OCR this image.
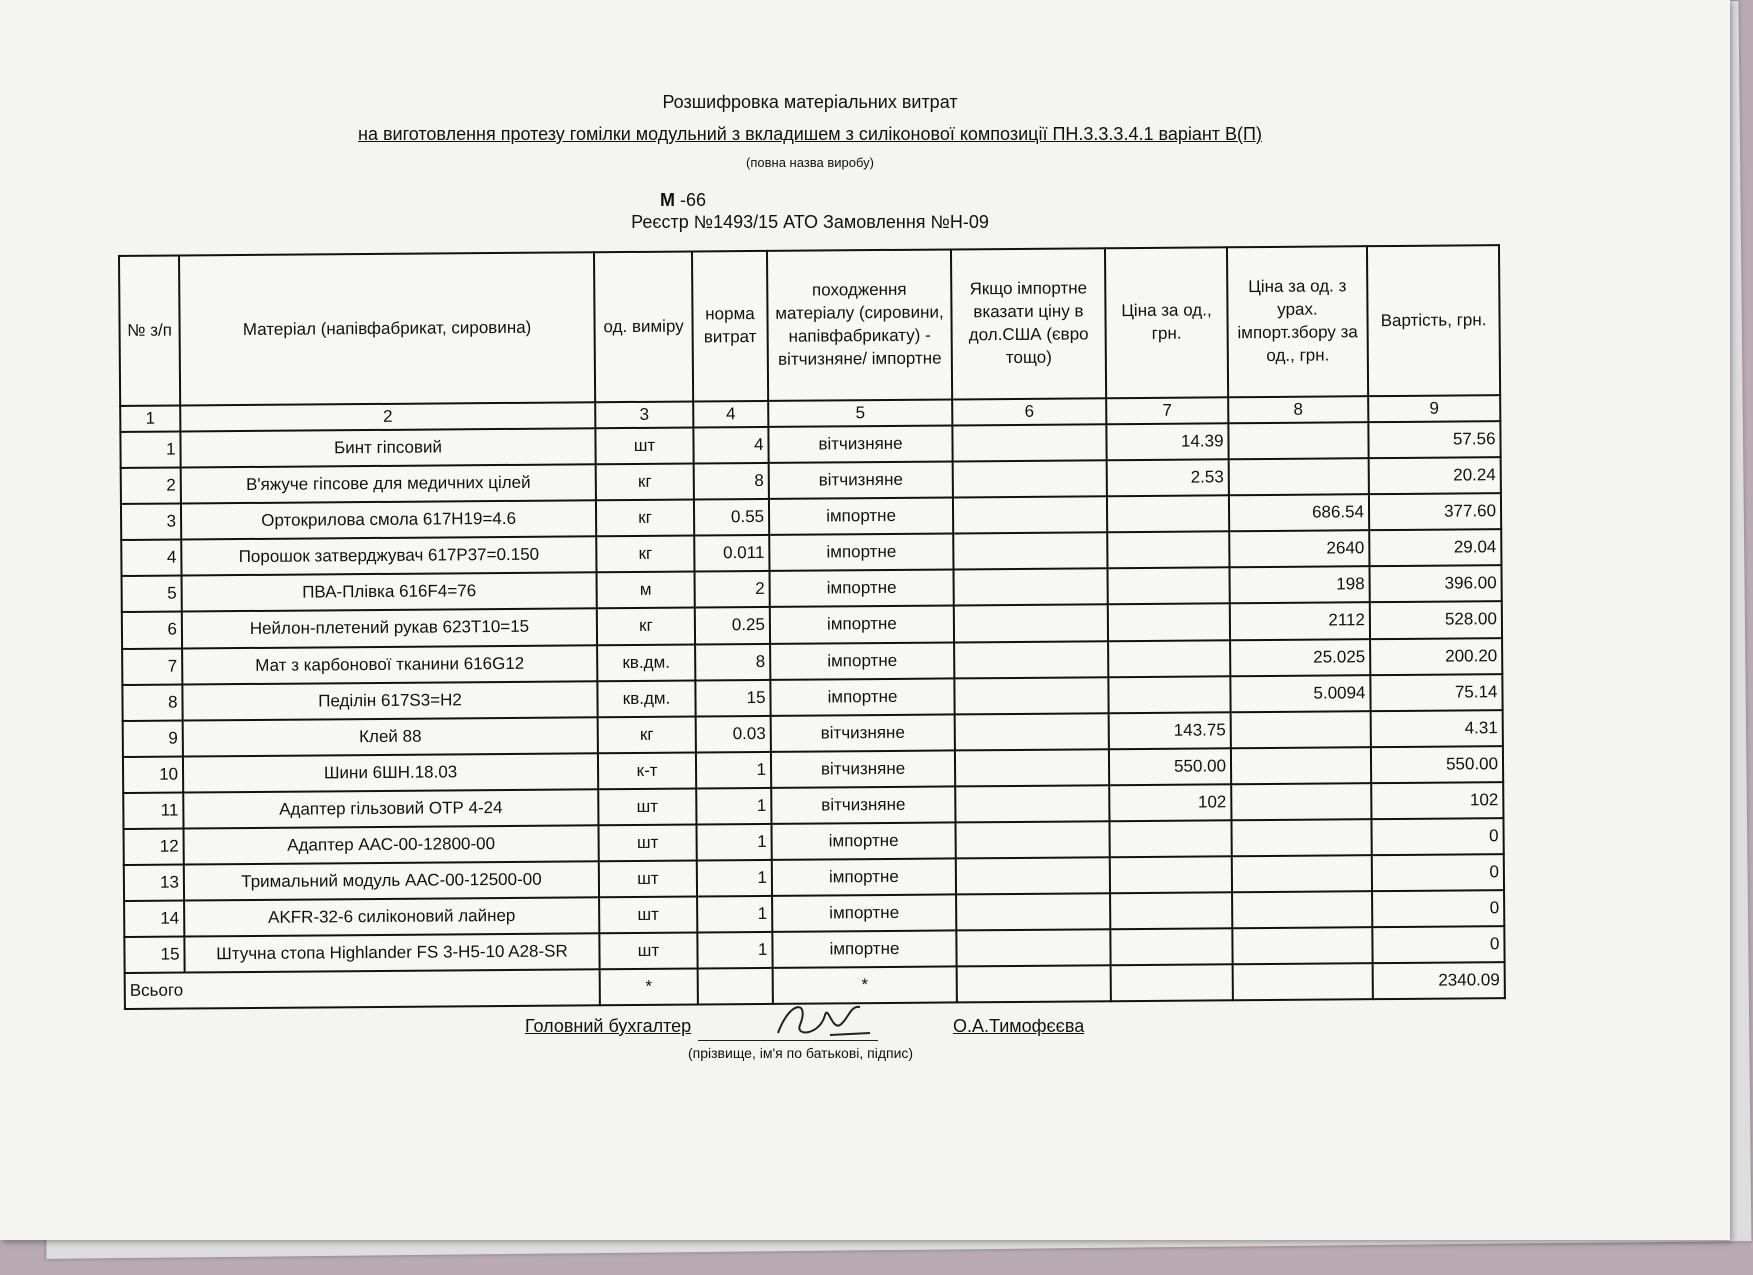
Розшифровка матеріальних витрат
на виготовлення протезу гомілки модульний з вкладишем з силіконової композиції ПН.3.3.3.4.1 варіант В(П)
(повна назва виробу)
М -66
Реєстр №1493/15 АТО Замовлення №Н-09
№ з/п	Матеріал (напівфабрикат, сировина)	од. виміру	норма витрат	походження матеріалу (сировини, напівфабрикату) - вітчизняне/ імпортне	Якщо імпортне вказати ціну в дол.США (євро тощо)	Ціна за од., грн.	Ціна за од. з урах. імпорт.збору за од., грн.	Вартість, грн.
1	2	3	4	5	6	7	8	9
1	Бинт гіпсовий	шт	4	вітчизняне		14.39		57.56
2	В'яжуче гіпсове для медичних цілей	кг	8	вітчизняне		2.53		20.24
3	Ортокрилова смола 617Н19=4.6	кг	0.55	імпортне			686.54	377.60
4	Порошок затверджувач 617Р37=0.150	кг	0.011	імпортне			2640	29.04
5	ПВА-Плівка 616F4=76	м	2	імпортне			198	396.00
6	Нейлон-плетений рукав 623Т10=15	кг	0.25	імпортне			2112	528.00
7	Мат з карбонової тканини 616G12	кв.дм.	8	імпортне			25.025	200.20
8	Педілін 617S3=H2	кв.дм.	15	імпортне			5.0094	75.14
9	Клей 88	кг	0.03	вітчизняне		143.75		4.31
10	Шини 6ШН.18.03	к-т	1	вітчизняне		550.00		550.00
11	Адаптер гільзовий ОТР 4-24	шт	1	вітчизняне		102		102
12	Адаптер ААС-00-12800-00	шт	1	імпортне				0
13	Тримальний модуль ААС-00-12500-00	шт	1	імпортне				0
14	AKFR-32-6 силіконовий лайнер	шт	1	імпортне				0
15	Штучна стопа Highlander FS 3-H5-10 A28-SR	шт	1	імпортне				0
Всього		*		*				2340.09
Головний бухгалтер	О.А.Тимофєєва
(прізвище, ім'я по батькові, підпис)
